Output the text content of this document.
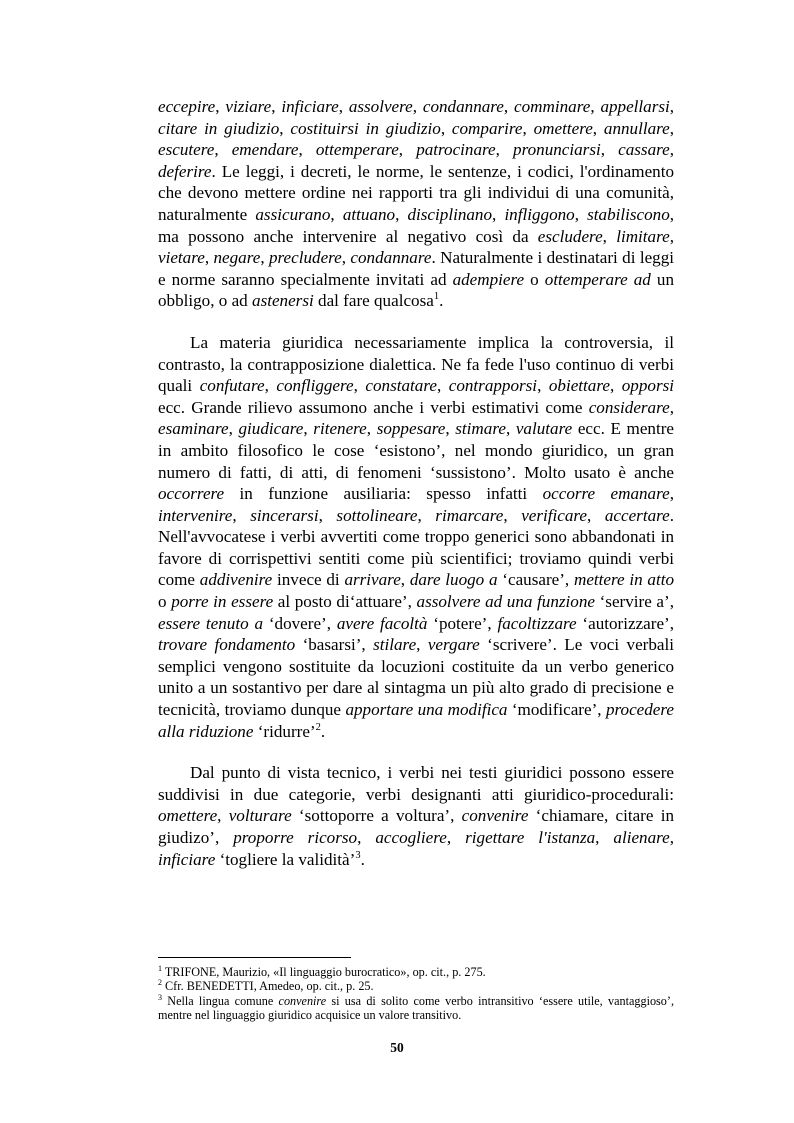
eccepire, viziare, inficiare, assolvere, condannare, comminare, appellarsi, citare in giudizio, costituirsi in giudizio, comparire, omettere, annullare, escutere, emendare, ottemperare, patrocinare, pronunciarsi, cassare, deferire. Le leggi, i decreti, le norme, le sentenze, i codici, l'ordinamento che devono mettere ordine nei rapporti tra gli individui di una comunità, naturalmente assicurano, attuano, disciplinano, infliggono, stabiliscono, ma possono anche intervenire al negativo così da escludere, limitare, vietare, negare, precludere, condannare. Naturalmente i destinatari di leggi e norme saranno specialmente invitati ad adempiere o ottemperare ad un obbligo, o ad astenersi dal fare qualcosa$^1$.

La materia giuridica necessariamente implica la controversia, il contrasto, la contrapposizione dialettica. Ne fa fede l'uso continuo di verbi quali confutare, confliggere, constatare, contrapporsi, obiettare, opporsi ecc. Grande rilievo assumono anche i verbi estimativi come considerare, esaminare, giudicare, ritenere, soppesare, stimare, valutare ecc. E mentre in ambito filosofico le cose ‘esistono’, nel mondo giuridico, un gran numero di fatti, di atti, di fenomeni ‘sussistono’. Molto usato è anche occorrere in funzione ausiliaria: spesso infatti occorre emanare, intervenire, sincerarsi, sottolineare, rimarcare, verificare, accertare. Nell'avvocatese i verbi avvertiti come troppo generici sono abbandonati in favore di corrispettivi sentiti come più scientifici; troviamo quindi verbi come addivenire invece di arrivare, dare luogo a ‘causare’, mettere in atto o porre in essere al posto di‘attuare’, assolvere ad una funzione ‘servire a’, essere tenuto a ‘dovere’, avere facoltà ‘potere’, facoltizzare ‘autorizzare’, trovare fondamento ‘basarsi’, stilare, vergare ‘scrivere’. Le voci verbali semplici vengono sostituite da locuzioni costituite da un verbo generico unito a un sostantivo per dare al sintagma un più alto grado di precisione e tecnicità, troviamo dunque apportare una modifica ‘modificare’, procedere alla riduzione ‘ridurre’$^2$.

Dal punto di vista tecnico, i verbi nei testi giuridici possono essere suddivisi in due categorie, verbi designanti atti giuridico-procedurali: omettere, volturare ‘sottoporre a voltura’, convenire ‘chiamare, citare in giudizo’, proporre ricorso, accogliere, rigettare l'istanza, alienare, inficiare ‘togliere la validità’$^3$.

$^1$ TRIFONE, Maurizio, «Il linguaggio burocratico», op. cit., p. 275.

$^2$ Cfr. BENEDETTI, Amedeo, op. cit., p. 25.

$^3$ Nella lingua comune convenire si usa di solito come verbo intransitivo ‘essere utile, vantaggioso’, mentre nel linguaggio giuridico acquisice un valore transitivo.

50
